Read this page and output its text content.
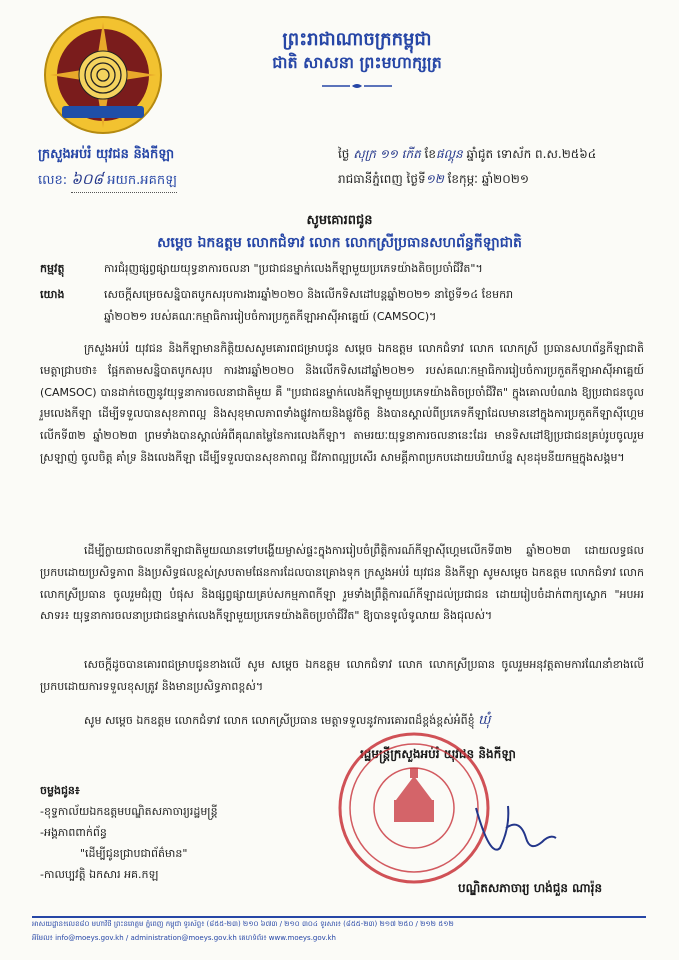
ព្រះរាជាណាចក្រកម្ពុជា
ជាតិ សាសនា ព្រះមហាក្សត្រ
ក្រសួងអប់រំ យុវជន និងកីឡា
លេខ: ៦០៨ អយក.អគកឡ
ថ្ងៃ សុក្រ ១១ កើត ខែផល្គុន ឆ្នាំជូត ទោស័ក ព.ស.២៥៦៤
រាជធានីភ្នំពេញ ថ្ងៃទី១២ ខែកុម្ភៈ ឆ្នាំ២០២១
សូមគោរពជូន
សម្តេច ឯកឧត្តម លោកជំទាវ លោក លោកស្រីប្រធានសហព័ន្ធកីឡាជាតិ
កម្មវត្ថុ	ការជំរុញផ្សព្វផ្សាយយុទ្ធនាការចលនា "ប្រជាជនម្នាក់លេងកីឡាមួយប្រភេទយ៉ាងតិចប្រចាំជីវិត"។
យោង	សេចក្តីសម្រេចសន្និបាតបូកសរុបការងារឆ្នាំ២០២០ និងលើកទិសដៅបន្តឆ្នាំ២០២១ នាថ្ងៃទី១៤ ខែមករា
ឆ្នាំ២០២១ របស់គណៈកម្មាធិការរៀបចំការប្រកួតកីឡាអាស៊ីអាគ្នេយ៍ (CAMSOC)។
ក្រសួងអប់រំ យុវជន និងកីឡាមានកិត្តិយសសូមគោរពជម្រាបជូន សម្តេច ឯកឧត្តម លោកជំទាវ លោក លោកស្រី ប្រធានសហព័ន្ធកីឡាជាតិ មេត្តាជ្រាបថា៖ ផ្អែកតាមសន្និបាតបូកសរុប ការងារឆ្នាំ២០២០ និងលើកទិសដៅឆ្នាំ២០២១ របស់គណៈកម្មាធិការរៀបចំការប្រកួតកីឡាអាស៊ីអាគ្នេយ៍ (CAMSOC) បានដាក់ចេញនូវយុទ្ធនាការចលនាជាតិមួយ គឺ "ប្រជាជនម្នាក់លេងកីឡាមួយប្រភេទយ៉ាងតិចប្រចាំជីវិត" ក្នុងគោលបំណង ឱ្យប្រជាជនចូលរួមលេងកីឡា ដើម្បីទទួលបានសុខភាពល្អ និងសុខុមាលភាពទាំងផ្លូវកាយនិងផ្លូវចិត្ត និងបានស្គាល់ពីប្រភេទកីឡាដែលមាននៅក្នុងការប្រកួតកីឡាស៊ីហ្គេមលើកទី៣២ ឆ្នាំ២០២៣ ព្រមទាំងបានស្គាល់អំពីគុណតម្លៃនៃការលេងកីឡា។ តាមរយៈយុទ្ធនាការចលនានេះដែរ មានទិសដៅឱ្យប្រជាជនគ្រប់រូបចូលរួមស្រឡាញ់ ចូលចិត្ត គាំទ្រ និងលេងកីឡា ដើម្បីទទួលបានសុខភាពល្អ ជីវភាពល្អប្រសើរ សាមគ្គីភាពប្រកបដោយបរិយាប័ន្ន សុខដុមនីយកម្មក្នុងសង្គម។
ដើម្បីក្លាយជាចលនាកីឡាជាតិមួយឈានទៅបង្ហើយម្ចាស់ផ្ទះក្នុងការរៀបចំព្រឹត្តិការណ៍កីឡាស៊ីហ្គេមលើកទី៣២ ឆ្នាំ២០២៣ ដោយលទ្ធផលប្រកបដោយប្រសិទ្ធភាព និងប្រសិទ្ធផលខ្ពស់ស្របតាមផែនការដែលបានគ្រោងទុក ក្រសួងអប់រំ យុវជន និងកីឡា សូមសម្តេច ឯកឧត្តម លោកជំទាវ លោក លោកស្រីប្រធាន ចូលរួមជំរុញ បំផុស និងផ្សព្វផ្សាយគ្រប់សកម្មភាពកីឡា រួមទាំងព្រឹត្តិការណ៍កីឡាដល់ប្រជាជន ដោយរៀបចំដាក់ពាក្យស្លោក "អបអរសាទរ៖ យុទ្ធនាការចលនាប្រជាជនម្នាក់លេងកីឡាមួយប្រភេទយ៉ាងតិចប្រចាំជីវិត" ឱ្យបានទូលំទូលាយ និងជុលស់។
សេចក្តីដូចបានគោរពជម្រាបជូនខាងលើ សូម សម្តេច ឯកឧត្តម លោកជំទាវ លោក លោកស្រីប្រធាន ចូលរួមអនុវត្តតាមការណែនាំខាងលើ ប្រកបដោយការទទួលខុសត្រូវ និងមានប្រសិទ្ធភាពខ្ពស់។
សូម សម្តេច ឯកឧត្តម លោកជំទាវ លោក លោកស្រីប្រធាន មេត្តាទទួលនូវការគោរពដ៏ខ្ពង់ខ្ពស់អំពីខ្ញុំ ឃុំ
រដ្ឋមន្ត្រីក្រសួងអប់រំ យុវជន និងកីឡា
បណ្ឌិតសភាចារ្យ ហង់ជួន ណារ៉ុន
ចម្លងជូន៖
-ខុទ្ទកាល័យឯកឧត្តមបណ្ឌិតសភាចារ្យរដ្ឋមន្ត្រី
-អង្គភាពពាក់ព័ន្ធ
"ដើម្បីជូនជ្រាបជាព័ត៌មាន"
-កាលប្បវត្តិ ឯកសារ អគ.កឡ
អាសយដ្ឋាន៖លេខ៨០ មហាវិថី ព្រះនរោត្តម ភ្នំពេញ កម្ពុជា ទូរស័ព្ទ៖ (៨៥៥-២៣) ២១០ ៦៧៣ / ២១០ ៣០៤ ទូរសារ៖ (៨៥៥-២៣) ២១៧ ២៥០ / ២១២ ៥១២
អ៊ីមែល៖ info@moeys.gov.kh / administration@moeys.gov.kh គេហទំព័រ៖ www.moeys.gov.kh
